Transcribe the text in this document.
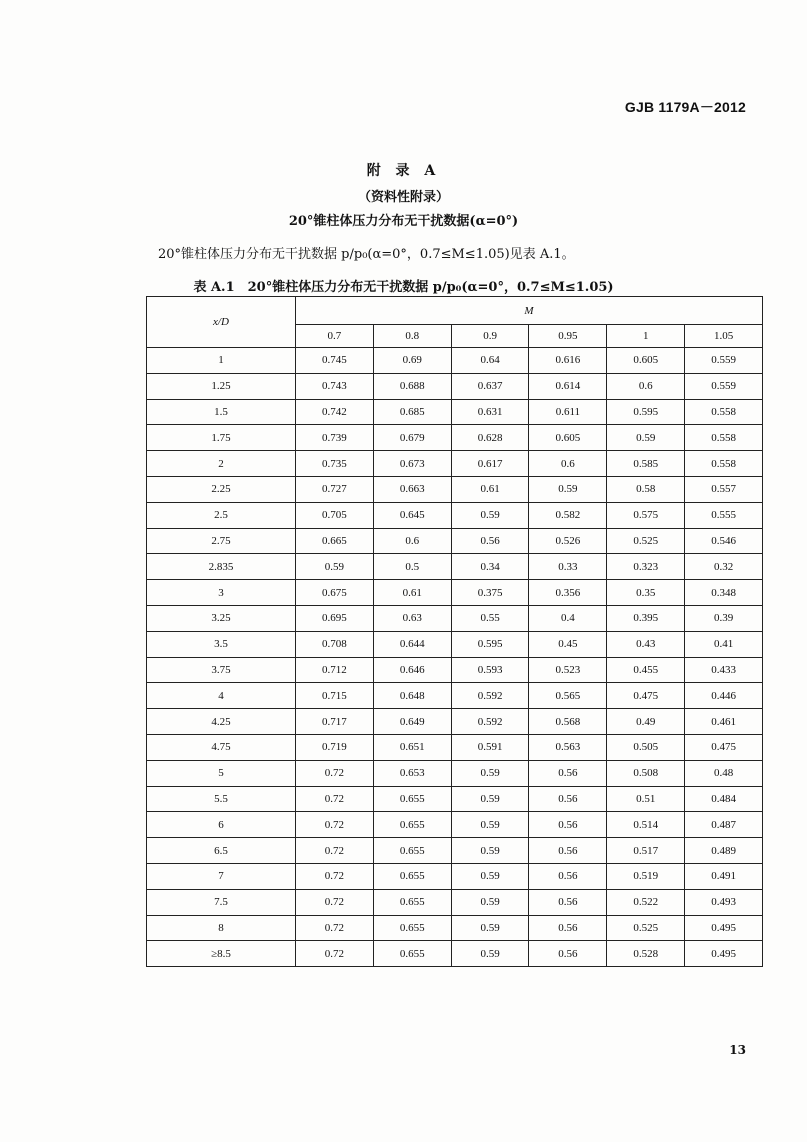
GJB 1179A－2012
附 录 A
（资料性附录）
20°锥柱体压力分布无干扰数据(α=0°)
20°锥柱体压力分布无干扰数据 p/p₀(α=0°，0.7≤M≤1.05)见表 A.1。
表 A.1　20°锥柱体压力分布无干扰数据 p/p₀(α=0°，0.7≤M≤1.05)
x/D	M					
	0.7	0.8	0.9	0.95	1	1.05
1	0.745	0.69	0.64	0.616	0.605	0.559
1.25	0.743	0.688	0.637	0.614	0.6	0.559
1.5	0.742	0.685	0.631	0.611	0.595	0.558
1.75	0.739	0.679	0.628	0.605	0.59	0.558
2	0.735	0.673	0.617	0.6	0.585	0.558
2.25	0.727	0.663	0.61	0.59	0.58	0.557
2.5	0.705	0.645	0.59	0.582	0.575	0.555
2.75	0.665	0.6	0.56	0.526	0.525	0.546
2.835	0.59	0.5	0.34	0.33	0.323	0.32
3	0.675	0.61	0.375	0.356	0.35	0.348
3.25	0.695	0.63	0.55	0.4	0.395	0.39
3.5	0.708	0.644	0.595	0.45	0.43	0.41
3.75	0.712	0.646	0.593	0.523	0.455	0.433
4	0.715	0.648	0.592	0.565	0.475	0.446
4.25	0.717	0.649	0.592	0.568	0.49	0.461
4.75	0.719	0.651	0.591	0.563	0.505	0.475
5	0.72	0.653	0.59	0.56	0.508	0.48
5.5	0.72	0.655	0.59	0.56	0.51	0.484
6	0.72	0.655	0.59	0.56	0.514	0.487
6.5	0.72	0.655	0.59	0.56	0.517	0.489
7	0.72	0.655	0.59	0.56	0.519	0.491
7.5	0.72	0.655	0.59	0.56	0.522	0.493
8	0.72	0.655	0.59	0.56	0.525	0.495
≥8.5	0.72	0.655	0.59	0.56	0.528	0.495
13
